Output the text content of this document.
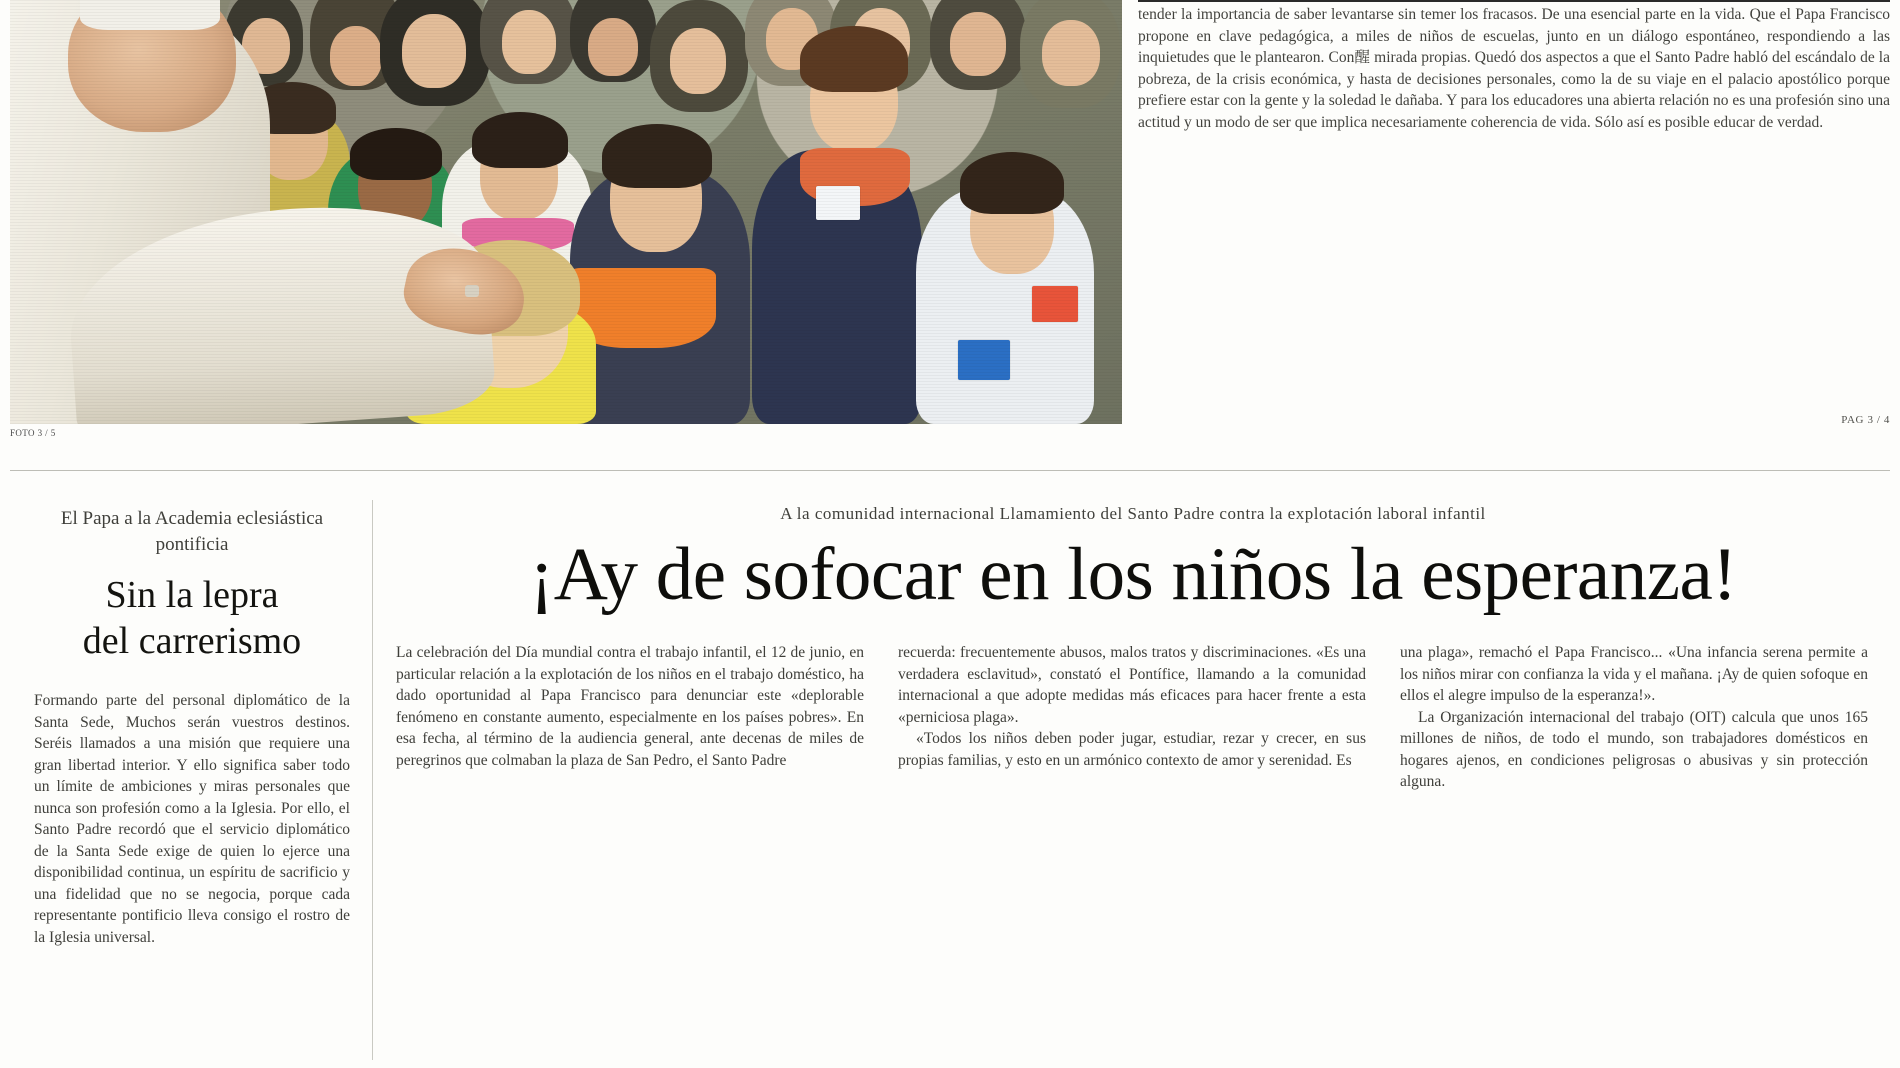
FOTO 3 / 5
tender la importancia de saber levantarse sin temer los fracasos. De una esencial parte en la vida. Que el Papa Francisco propone en clave pedagógica, a miles de niños de escuelas, junto en un diálogo espontáneo, respondiendo a las inquietudes que le plantearon. Con醒 mirada propias. Quedó dos aspectos a que el Santo Padre habló del escándalo de la pobreza, de la crisis económica, y hasta de decisiones personales, como la de su viaje en el palacio apostólico porque prefiere estar con la gente y la soledad le dañaba. Y para los educadores una abierta relación no es una profesión sino una actitud y un modo de ser que implica necesariamente coherencia de vida. Sólo así es posible educar de verdad.
PAG 3 / 4
El Papa a la Academia eclesiástica pontificia
Sin la lepra
del carrerismo
Formando parte del personal diplomático de la Santa Sede, Muchos serán vuestros destinos. Seréis llamados a una misión que requiere una gran libertad interior. Y ello significa saber todo un límite de ambiciones y miras personales que nunca son profesión como a la Iglesia. Por ello, el Santo Padre recordó que el servicio diplomático de la Santa Sede exige de quien lo ejerce una disponibilidad continua, un espíritu de sacrificio y una fidelidad que no se negocia, porque cada representante pontificio lleva consigo el rostro de la Iglesia universal.
A la comunidad internacional Llamamiento del Santo Padre contra la explotación laboral infantil
¡Ay de sofocar en los niños la esperanza!

La celebración del Día mundial contra el trabajo infantil, el 12 de junio, en particular relación a la explotación de los niños en el trabajo doméstico, ha dado oportunidad al Papa Francisco para denunciar este «deplorable fenómeno en constante aumento, especialmente en los países pobres». En esa fecha, al término de la audiencia general, ante decenas de miles de peregrinos que colmaban la plaza de San Pedro, el Santo Padre

recuerda: frecuentemente abusos, malos tratos y discriminaciones. «Es una verdadera esclavitud», constató el Pontífice, llamando a la comunidad internacional a que adopte medidas más eficaces para hacer frente a esta «perniciosa plaga».

«Todos los niños deben poder jugar, estudiar, rezar y crecer, en sus propias familias, y esto en un armónico contexto de amor y serenidad. Es

una plaga», remachó el Papa Francisco... «Una infancia serena permite a los niños mirar con confianza la vida y el mañana. ¡Ay de quien sofoque en ellos el alegre impulso de la esperanza!».

La Organización internacional del trabajo (OIT) calcula que unos 165 millones de niños, de todo el mundo, son trabajadores domésticos en hogares ajenos, en condiciones peligrosas o abusivas y sin protección alguna.
